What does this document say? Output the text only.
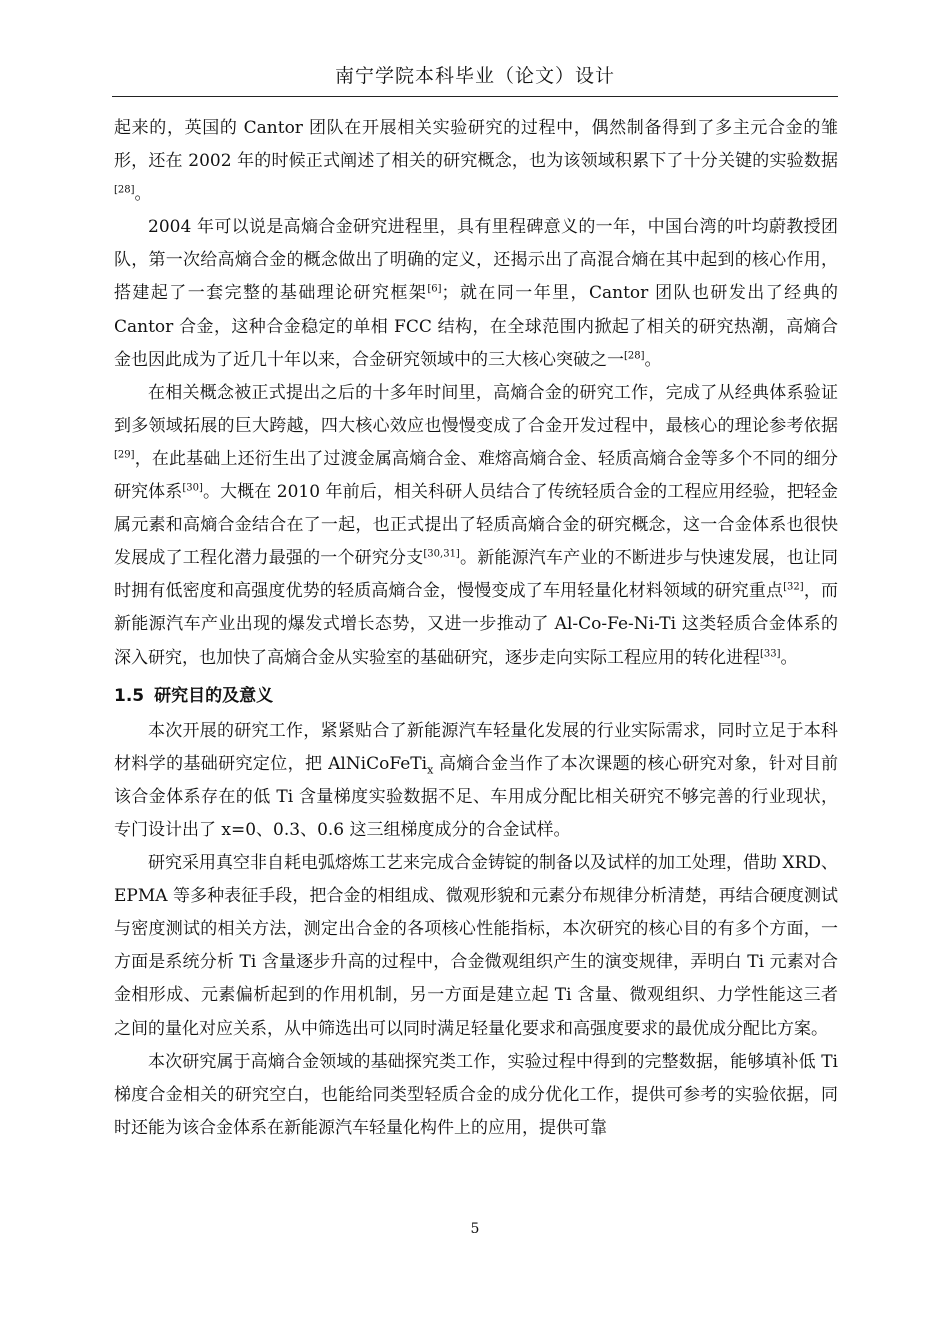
南宁学院本科毕业（论文）设计

起来的，英国的 Cantor 团队在开展相关实验研究的过程中，偶然制备得到了多主元合金的雏形，还在 2002 年的时候正式阐述了相关的研究概念，也为该领域积累下了十分关键的实验数据[28]。

2004 年可以说是高熵合金研究进程里，具有里程碑意义的一年，中国台湾的叶均蔚教授团队，第一次给高熵合金的概念做出了明确的定义，还揭示出了高混合熵在其中起到的核心作用，搭建起了一套完整的基础理论研究框架[6]；就在同一年里，Cantor 团队也研发出了经典的 Cantor 合金，这种合金稳定的单相 FCC 结构，在全球范围内掀起了相关的研究热潮，高熵合金也因此成为了近几十年以来，合金研究领域中的三大核心突破之一[28]。

在相关概念被正式提出之后的十多年时间里，高熵合金的研究工作，完成了从经典体系验证到多领域拓展的巨大跨越，四大核心效应也慢慢变成了合金开发过程中，最核心的理论参考依据[29]，在此基础上还衍生出了过渡金属高熵合金、难熔高熵合金、轻质高熵合金等多个不同的细分研究体系[30]。大概在 2010 年前后，相关科研人员结合了传统轻质合金的工程应用经验，把轻金属元素和高熵合金结合在了一起，也正式提出了轻质高熵合金的研究概念，这一合金体系也很快发展成了工程化潜力最强的一个研究分支[30,31]。新能源汽车产业的不断进步与快速发展，也让同时拥有低密度和高强度优势的轻质高熵合金，慢慢变成了车用轻量化材料领域的研究重点[32]，而新能源汽车产业出现的爆发式增长态势，又进一步推动了 Al-Co-Fe-Ni-Ti 这类轻质合金体系的深入研究，也加快了高熵合金从实验室的基础研究，逐步走向实际工程应用的转化进程[33]。

1.5 研究目的及意义

本次开展的研究工作，紧紧贴合了新能源汽车轻量化发展的行业实际需求，同时立足于本科材料学的基础研究定位，把 AlNiCoFeTi$_x$ 高熵合金当作了本次课题的核心研究对象，针对目前该合金体系存在的低 Ti 含量梯度实验数据不足、车用成分配比相关研究不够完善的行业现状，专门设计出了 x=0、0.3、0.6 这三组梯度成分的合金试样。

研究采用真空非自耗电弧熔炼工艺来完成合金铸锭的制备以及试样的加工处理，借助 XRD、EPMA 等多种表征手段，把合金的相组成、微观形貌和元素分布规律分析清楚，再结合硬度测试与密度测试的相关方法，测定出合金的各项核心性能指标，本次研究的核心目的有多个方面，一方面是系统分析 Ti 含量逐步升高的过程中，合金微观组织产生的演变规律，弄明白 Ti 元素对合金相形成、元素偏析起到的作用机制，另一方面是建立起 Ti 含量、微观组织、力学性能这三者之间的量化对应关系，从中筛选出可以同时满足轻量化要求和高强度要求的最优成分配比方案。

本次研究属于高熵合金领域的基础探究类工作，实验过程中得到的完整数据，能够填补低 Ti 梯度合金相关的研究空白，也能给同类型轻质合金的成分优化工作，提供可参考的实验依据，同时还能为该合金体系在新能源汽车轻量化构件上的应用，提供可靠

5
